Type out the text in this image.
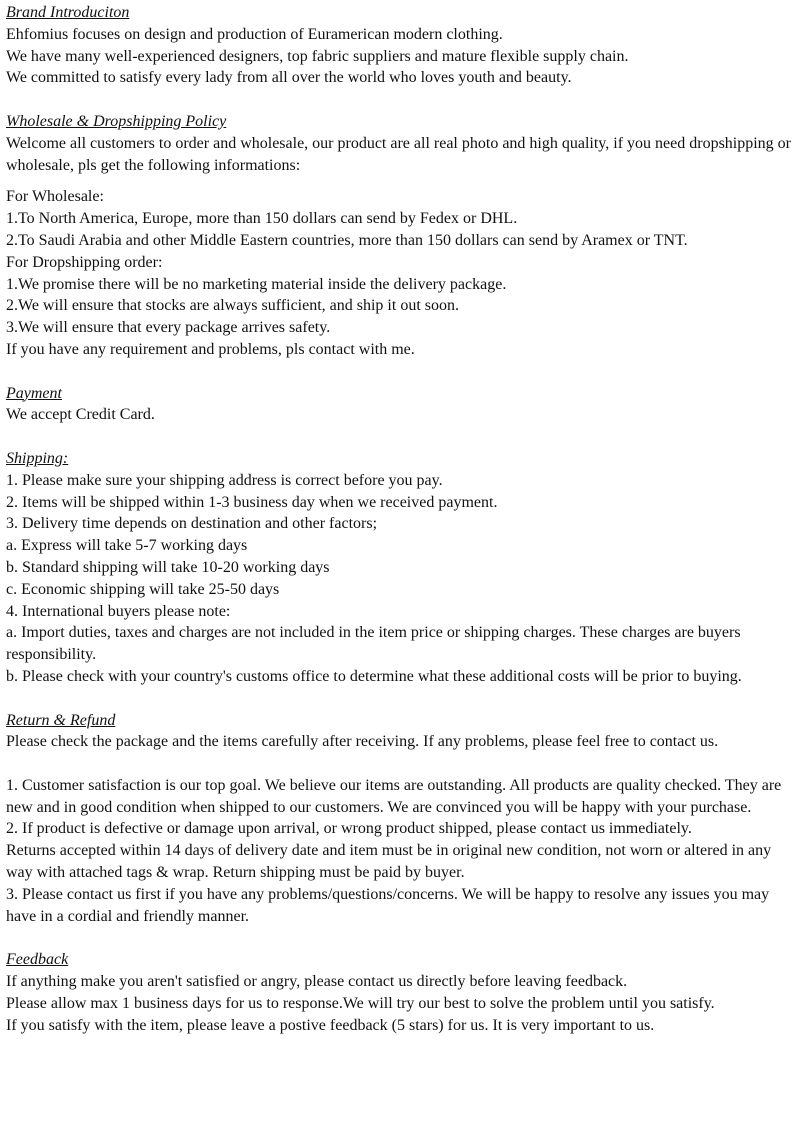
Brand Introduciton
Ehfomius focuses on design and production of Euramerican modern clothing.
We have many well-experienced designers, top fabric suppliers and mature flexible supply chain.
We committed to satisfy every lady from all over the world who loves youth and beauty.
Wholesale & Dropshipping Policy
Welcome all customers to order and wholesale, our product are all real photo and high quality, if you need dropshipping or wholesale, pls get the following informations:
For Wholesale:
1.To North America, Europe, more than 150 dollars can send by Fedex or DHL.
2.To Saudi Arabia and other Middle Eastern countries, more than 150 dollars can send by Aramex or TNT.
For Dropshipping order:
1.We promise there will be no marketing material inside the delivery package.
2.We will ensure that stocks are always sufficient, and ship it out soon.
3.We will ensure that every package arrives safety.
If you have any requirement and problems, pls contact with me.
Payment
We accept Credit Card.
Shipping:
1. Please make sure your shipping address is correct before you pay.
2. Items will be shipped within 1-3 business day when we received payment.
3. Delivery time depends on destination and other factors;
a. Express will take 5-7 working days
b. Standard shipping will take 10-20 working days
c. Economic shipping will take 25-50 days
4. International buyers please note:
a. Import duties, taxes and charges are not included in the item price or shipping charges. These charges are buyers responsibility.
b. Please check with your country's customs office to determine what these additional costs will be prior to buying.
Return & Refund
Please check the package and the items carefully after receiving. If any problems, please feel free to contact us.
1. Customer satisfaction is our top goal. We believe our items are outstanding. All products are quality checked. They are new and in good condition when shipped to our customers. We are convinced you will be happy with your purchase.
2. If product is defective or damage upon arrival, or wrong product shipped, please contact us immediately.
Returns accepted within 14 days of delivery date and item must be in original new condition, not worn or altered in any way with attached tags & wrap. Return shipping must be paid by buyer.
3. Please contact us first if you have any problems/questions/concerns. We will be happy to resolve any issues you may have in a cordial and friendly manner.
Feedback
If anything make you aren't satisfied or angry, please contact us directly before leaving feedback.
Please allow max 1 business days for us to response.We will try our best to solve the problem until you satisfy.
If you satisfy with the item, please leave a postive feedback (5 stars) for us. It is very important to us.
